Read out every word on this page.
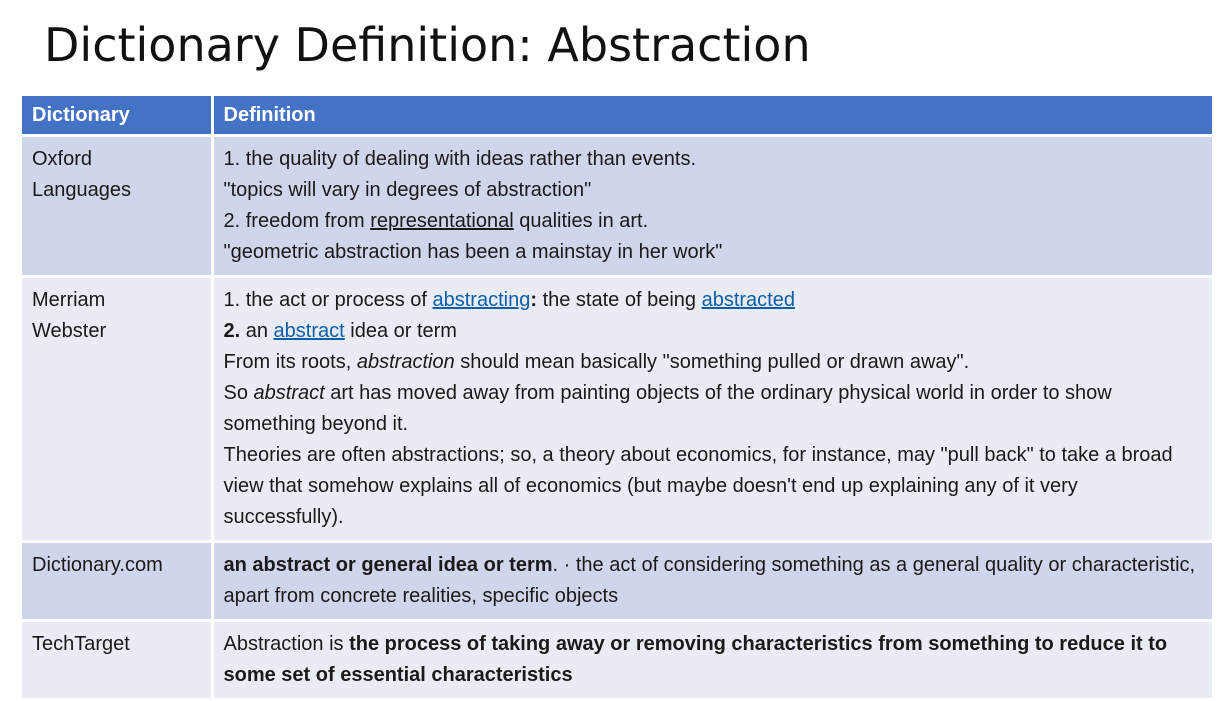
Dictionary Definition: Abstraction
Dictionary	Definition

Oxford
Languages	1. the quality of dealing with ideas rather than events.
"topics will vary in degrees of abstraction"
2. freedom from representational qualities in art.
"geometric abstraction has been a mainstay in her work"

Merriam
Webster	1. the act or process of abstracting: the state of being abstracted
2. an abstract idea or term
From its roots, abstraction should mean basically "something pulled or drawn away".
So abstract art has moved away from painting objects of the ordinary physical world in order to show something beyond it.
Theories are often abstractions; so, a theory about economics, for instance, may "pull back" to take a broad view that somehow explains all of economics (but maybe doesn't end up explaining any of it very successfully).

Dictionary.com	an abstract or general idea or term. · the act of considering something as a general quality or characteristic, apart from concrete realities, specific objects

TechTarget	Abstraction is the process of taking away or removing characteristics from something to reduce it to some set of essential characteristics
